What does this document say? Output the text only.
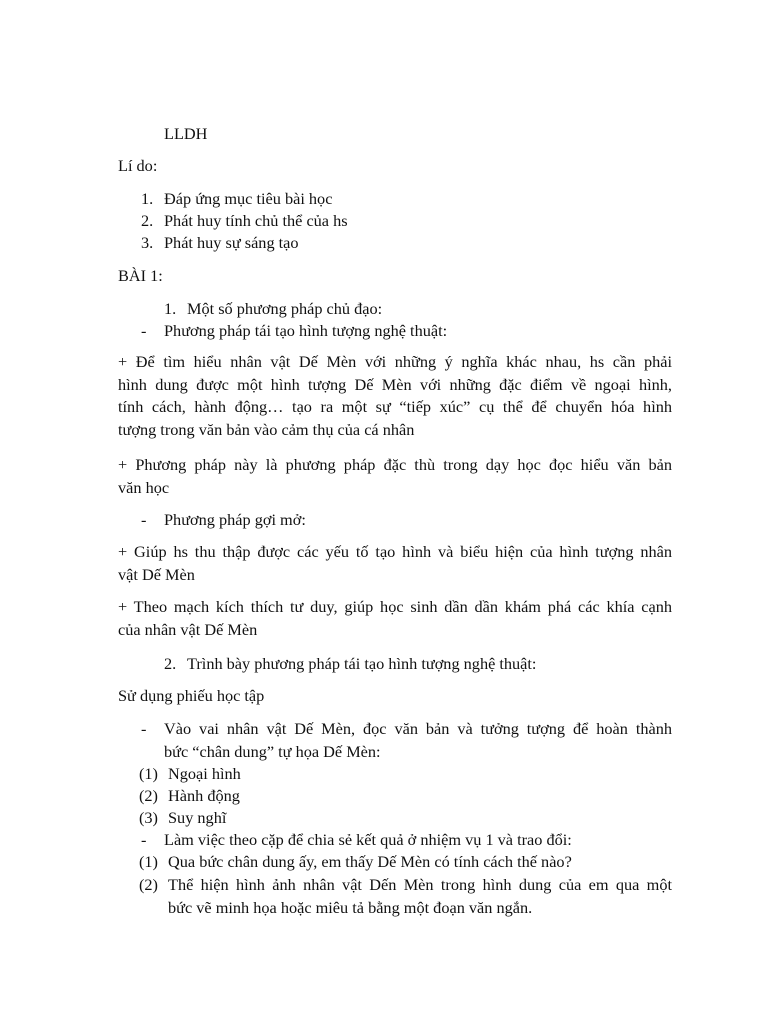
LLDH
Lí do:
1. Đáp ứng mục tiêu bài học
2. Phát huy tính chủ thể của hs
3. Phát huy sự sáng tạo
BÀI 1:
1. Một số phương pháp chủ đạo:
- Phương pháp tái tạo hình tượng nghệ thuật:
+ Để tìm hiểu nhân vật Dế Mèn với những ý nghĩa khác nhau, hs cần phải
hình dung được một hình tượng Dế Mèn với những đặc điểm về ngoại hình,
tính cách, hành động… tạo ra một sự “tiếp xúc” cụ thể để chuyển hóa hình
tượng trong văn bản vào cảm thụ của cá nhân
+ Phương pháp này là phương pháp đặc thù trong dạy học đọc hiểu văn bản
văn học
- Phương pháp gợi mở:
+ Giúp hs thu thập được các yếu tố tạo hình và biểu hiện của hình tượng nhân
vật Dế Mèn
+ Theo mạch kích thích tư duy, giúp học sinh dần dần khám phá các khía cạnh
của nhân vật Dế Mèn
2. Trình bày phương pháp tái tạo hình tượng nghệ thuật:
Sử dụng phiếu học tập
- Vào vai nhân vật Dế Mèn, đọc văn bản và tưởng tượng để hoàn thành
bức “chân dung” tự họa Dế Mèn:
(1) Ngoại hình
(2) Hành động
(3) Suy nghĩ
- Làm việc theo cặp để chia sẻ kết quả ở nhiệm vụ 1 và trao đổi:
(1) Qua bức chân dung ấy, em thấy Dế Mèn có tính cách thế nào?
(2) Thể hiện hình ảnh nhân vật Dến Mèn trong hình dung của em qua một
bức vẽ minh họa hoặc miêu tả bằng một đoạn văn ngắn.
